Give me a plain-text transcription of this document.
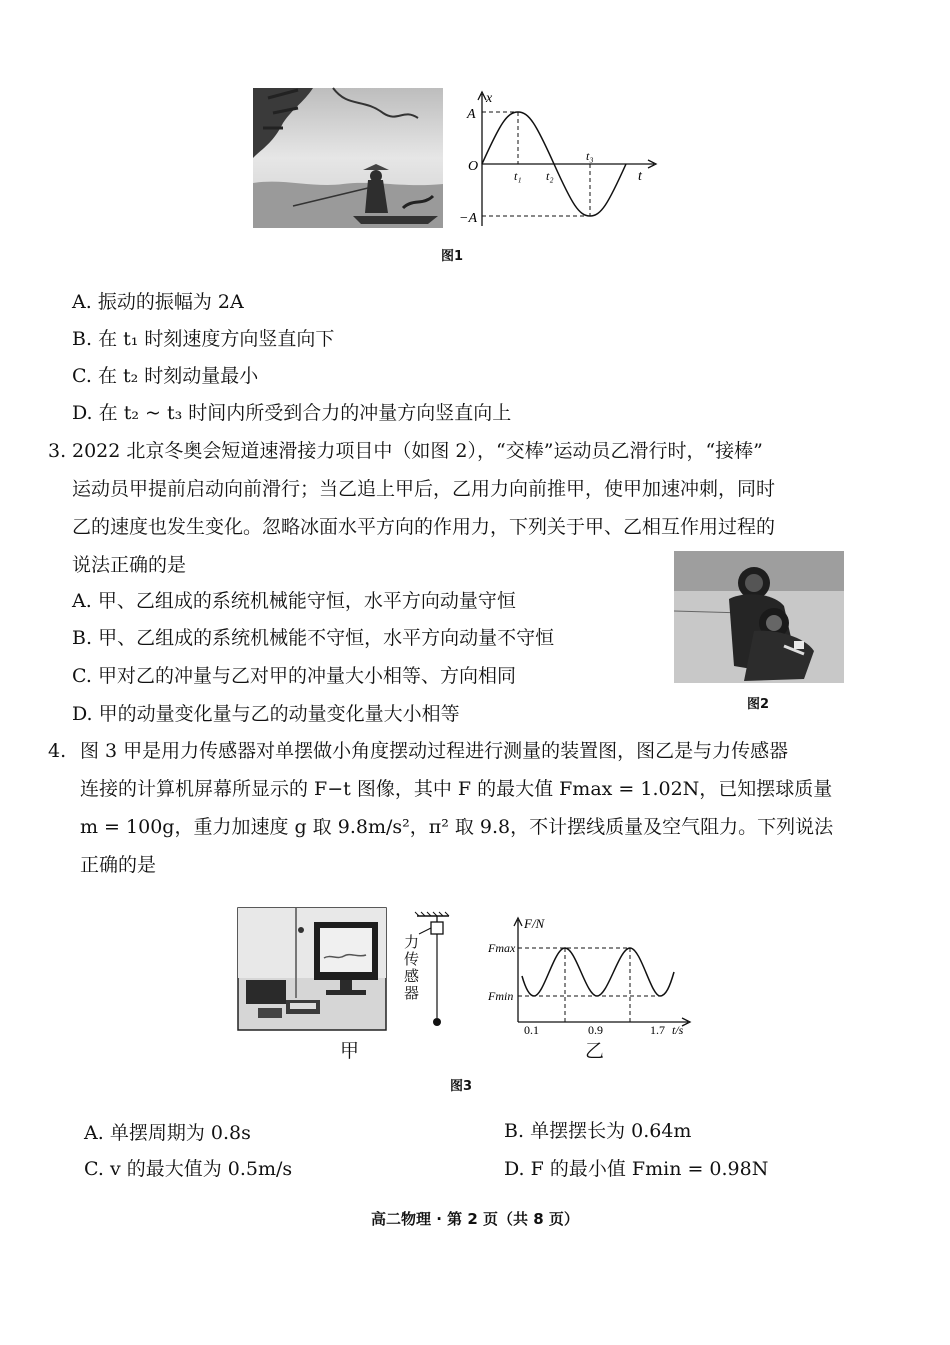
x
A
O
−A
t₁ t₂
t₃
t
图1
A. 振动的振幅为 2A
B. 在 t₁ 时刻速度方向竖直向下
C. 在 t₂ 时刻动量最小
D. 在 t₂ ~ t₃ 时间内所受到合力的冲量方向竖直向上
3. 2022 北京冬奥会短道速滑接力项目中（如图 2），“交棒”运动员乙滑行时，“接棒”
运动员甲提前启动向前滑行；当乙追上甲后，乙用力向前推甲，使甲加速冲刺，同时
乙的速度也发生变化。忽略冰面水平方向的作用力，下列关于甲、乙相互作用过程的
说法正确的是
A. 甲、乙组成的系统机械能守恒，水平方向动量守恒
B. 甲、乙组成的系统机械能不守恒，水平方向动量不守恒
C. 甲对乙的冲量与乙对甲的冲量大小相等、方向相同
D. 甲的动量变化量与乙的动量变化量大小相等	图2
4. 图 3 甲是用力传感器对单摆做小角度摆动过程进行测量的装置图，图乙是与力传感器
连接的计算机屏幕所显示的 F−t 图像，其中 F 的最大值 Fmax = 1.02N，已知摆球质量
m = 100g，重力加速度 g 取 9.8m/s²，π² 取 9.8，不计摆线质量及空气阻力。下列说法
正确的是
力传感器
F/N
Fmax
Fmin
0.1	0.9	1.7 t/s
甲	乙
图3
A. 单摆周期为 0.8s	B. 单摆摆长为 0.64m
C. v 的最大值为 0.5m/s	D. F 的最小值 Fmin = 0.98N
高二物理 · 第 2 页（共 8 页）
